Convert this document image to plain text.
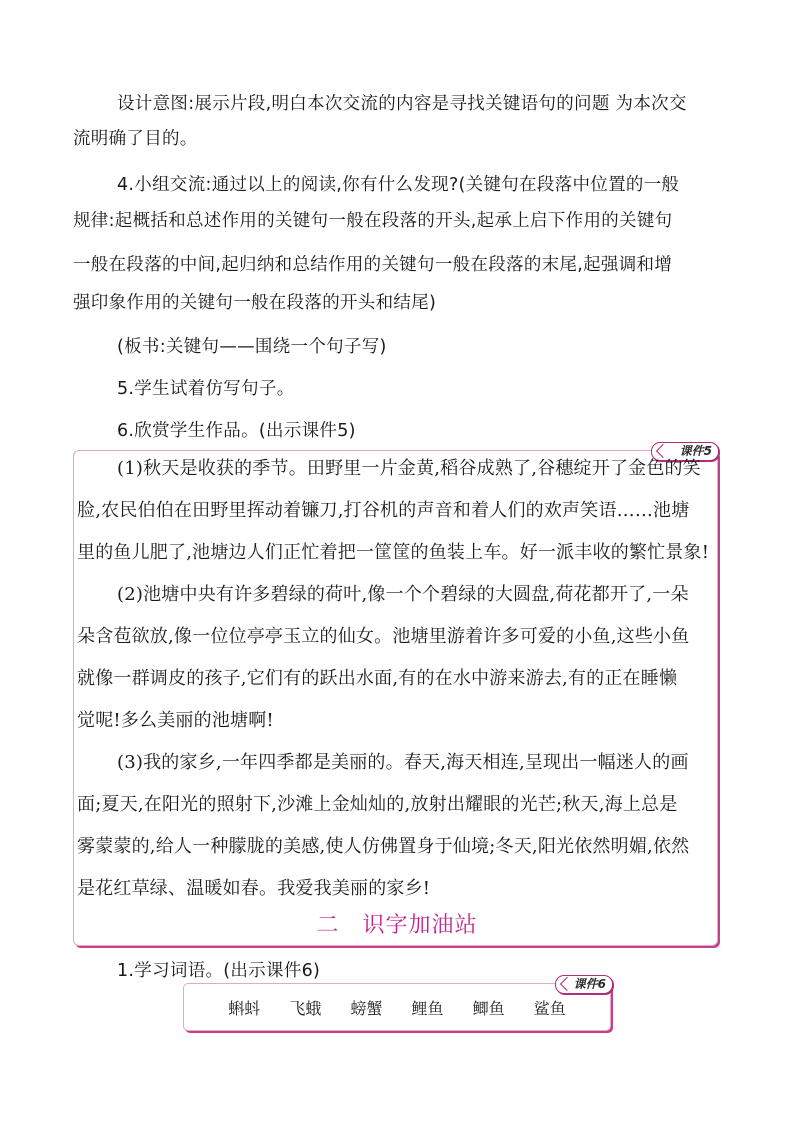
设计意图:展示片段,明白本次交流的内容是寻找关键语句的问题 为本次交
流明确了目的。
4.小组交流:通过以上的阅读,你有什么发现?(关键句在段落中位置的一般
规律:起概括和总述作用的关键句一般在段落的开头,起承上启下作用的关键句
一般在段落的中间,起归纳和总结作用的关键句一般在段落的末尾,起强调和增
强印象作用的关键句一般在段落的开头和结尾)
(板书:关键句——围绕一个句子写)
5.学生试着仿写句子。
6.欣赏学生作品。(出示课件5)
课件5
(1)秋天是收获的季节。田野里一片金黄,稻谷成熟了,谷穗绽开了金色的笑
脸,农民伯伯在田野里挥动着镰刀,打谷机的声音和着人们的欢声笑语……池塘
里的鱼儿肥了,池塘边人们正忙着把一筐筐的鱼装上车。好一派丰收的繁忙景象!
(2)池塘中央有许多碧绿的荷叶,像一个个碧绿的大圆盘,荷花都开了,一朵
朵含苞欲放,像一位位亭亭玉立的仙女。池塘里游着许多可爱的小鱼,这些小鱼
就像一群调皮的孩子,它们有的跃出水面,有的在水中游来游去,有的正在睡懒
觉呢!多么美丽的池塘啊!
(3)我的家乡,一年四季都是美丽的。春天,海天相连,呈现出一幅迷人的画
面;夏天,在阳光的照射下,沙滩上金灿灿的,放射出耀眼的光芒;秋天,海上总是
雾蒙蒙的,给人一种朦胧的美感,使人仿佛置身于仙境;冬天,阳光依然明媚,依然
是花红草绿、温暖如春。我爱我美丽的家乡!
二　识字加油站
1.学习词语。(出示课件6)
课件6
蝌蚪 飞蛾 螃蟹 鲤鱼 鲫鱼 鲨鱼
